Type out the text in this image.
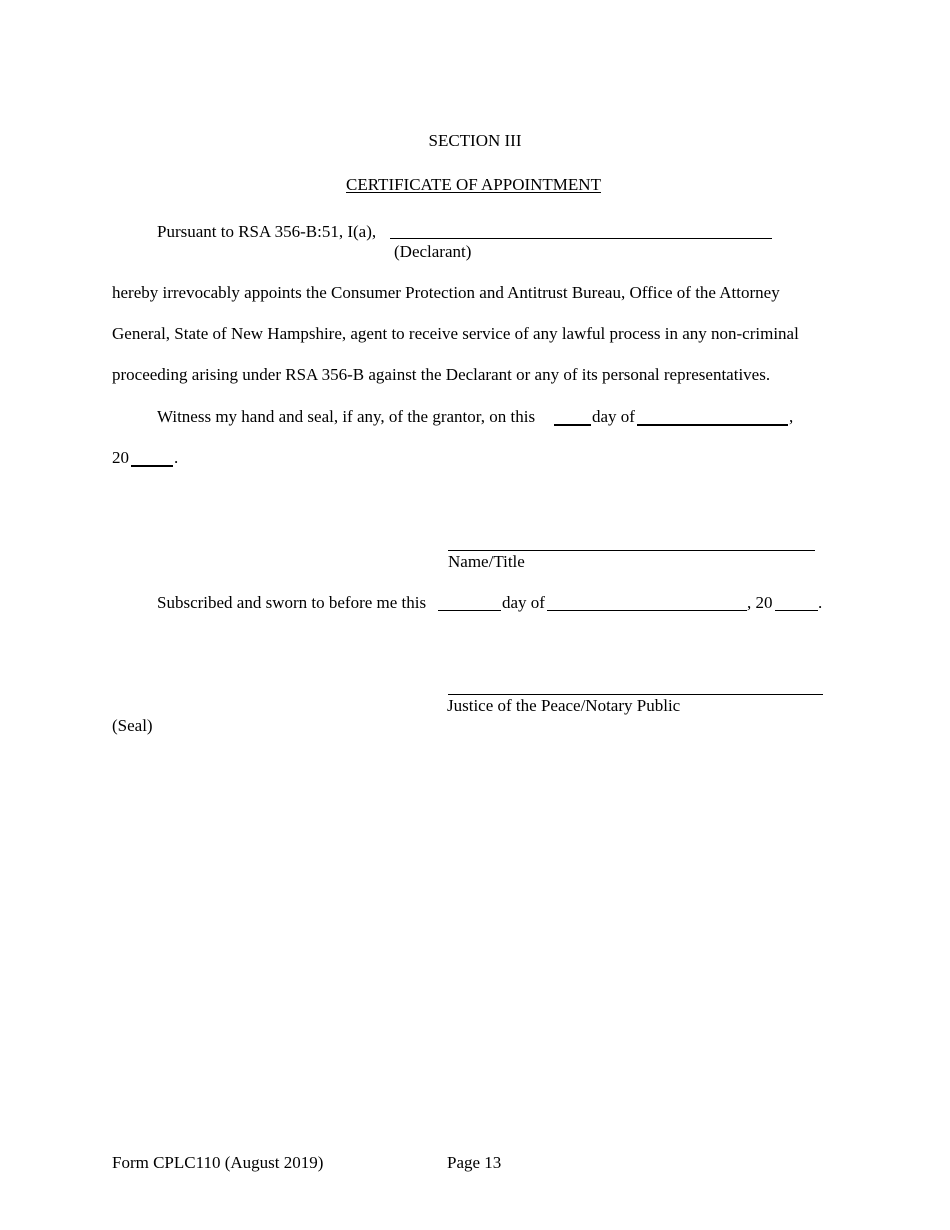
SECTION III
CERTIFICATE OF APPOINTMENT
Pursuant to RSA 356-B:51, I(a),
(Declarant)
hereby irrevocably appoints the Consumer Protection and Antitrust Bureau, Office of the Attorney
General, State of New Hampshire, agent to receive service of any lawful process in any non-criminal
proceeding arising under RSA 356-B against the Declarant or any of its personal representatives.
Witness my hand and seal, if any, of the grantor, on this	day of	,
20	.
Name/Title
Subscribed and sworn to before me this	day of	, 20	.
Justice of the Peace/Notary Public
(Seal)
Form CPLC110 (August 2019)	Page 13
